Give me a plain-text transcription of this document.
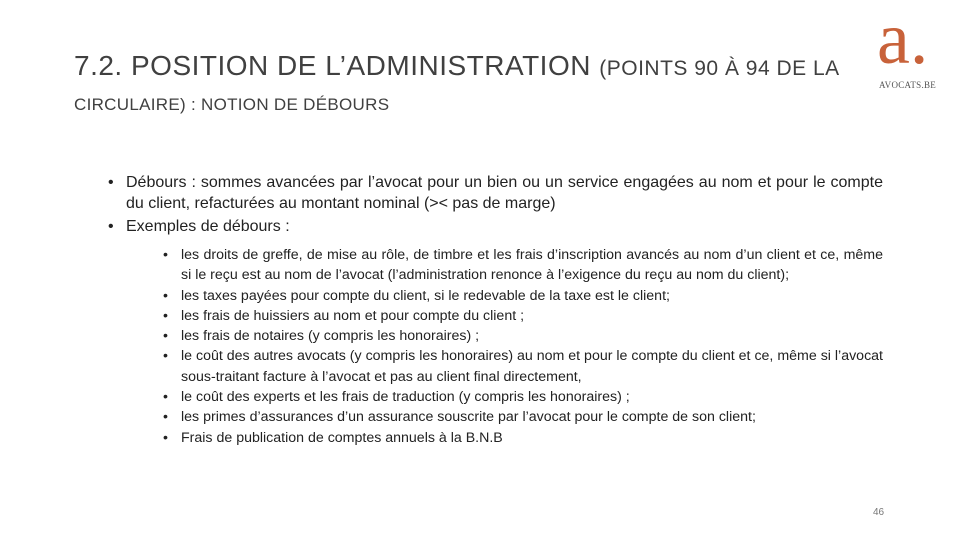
7.2. POSITION DE L’ADMINISTRATION (POINTS 90 À 94 DE LA
CIRCULAIRE) : NOTION DE DÉBOURS
a.
AVOCATS.BE
• Débours : sommes avancées par l’avocat pour un bien ou un service engagées au nom et pour le compte du client, refacturées au montant nominal (>< pas de marge)
• Exemples de débours :
• les droits de greffe, de mise au rôle, de timbre et les frais d’inscription avancés au nom d’un client et ce, même si le reçu est au nom de l’avocat (l’administration renonce à l’exigence du reçu au nom du client);
• les taxes payées pour compte du client, si le redevable de la taxe est le client;
• les frais de huissiers au nom et pour compte du client ;
• les frais de notaires (y compris les honoraires) ;
• le coût des autres avocats (y compris les honoraires) au nom et pour le compte du client et ce, même si l’avocat sous-traitant facture à l’avocat et pas au client final directement,
• le coût des experts et les frais de traduction (y compris les honoraires) ;
• les primes d’assurances d’un assurance souscrite par l’avocat pour le compte de son client;
• Frais de publication de comptes annuels à la B.N.B
46
